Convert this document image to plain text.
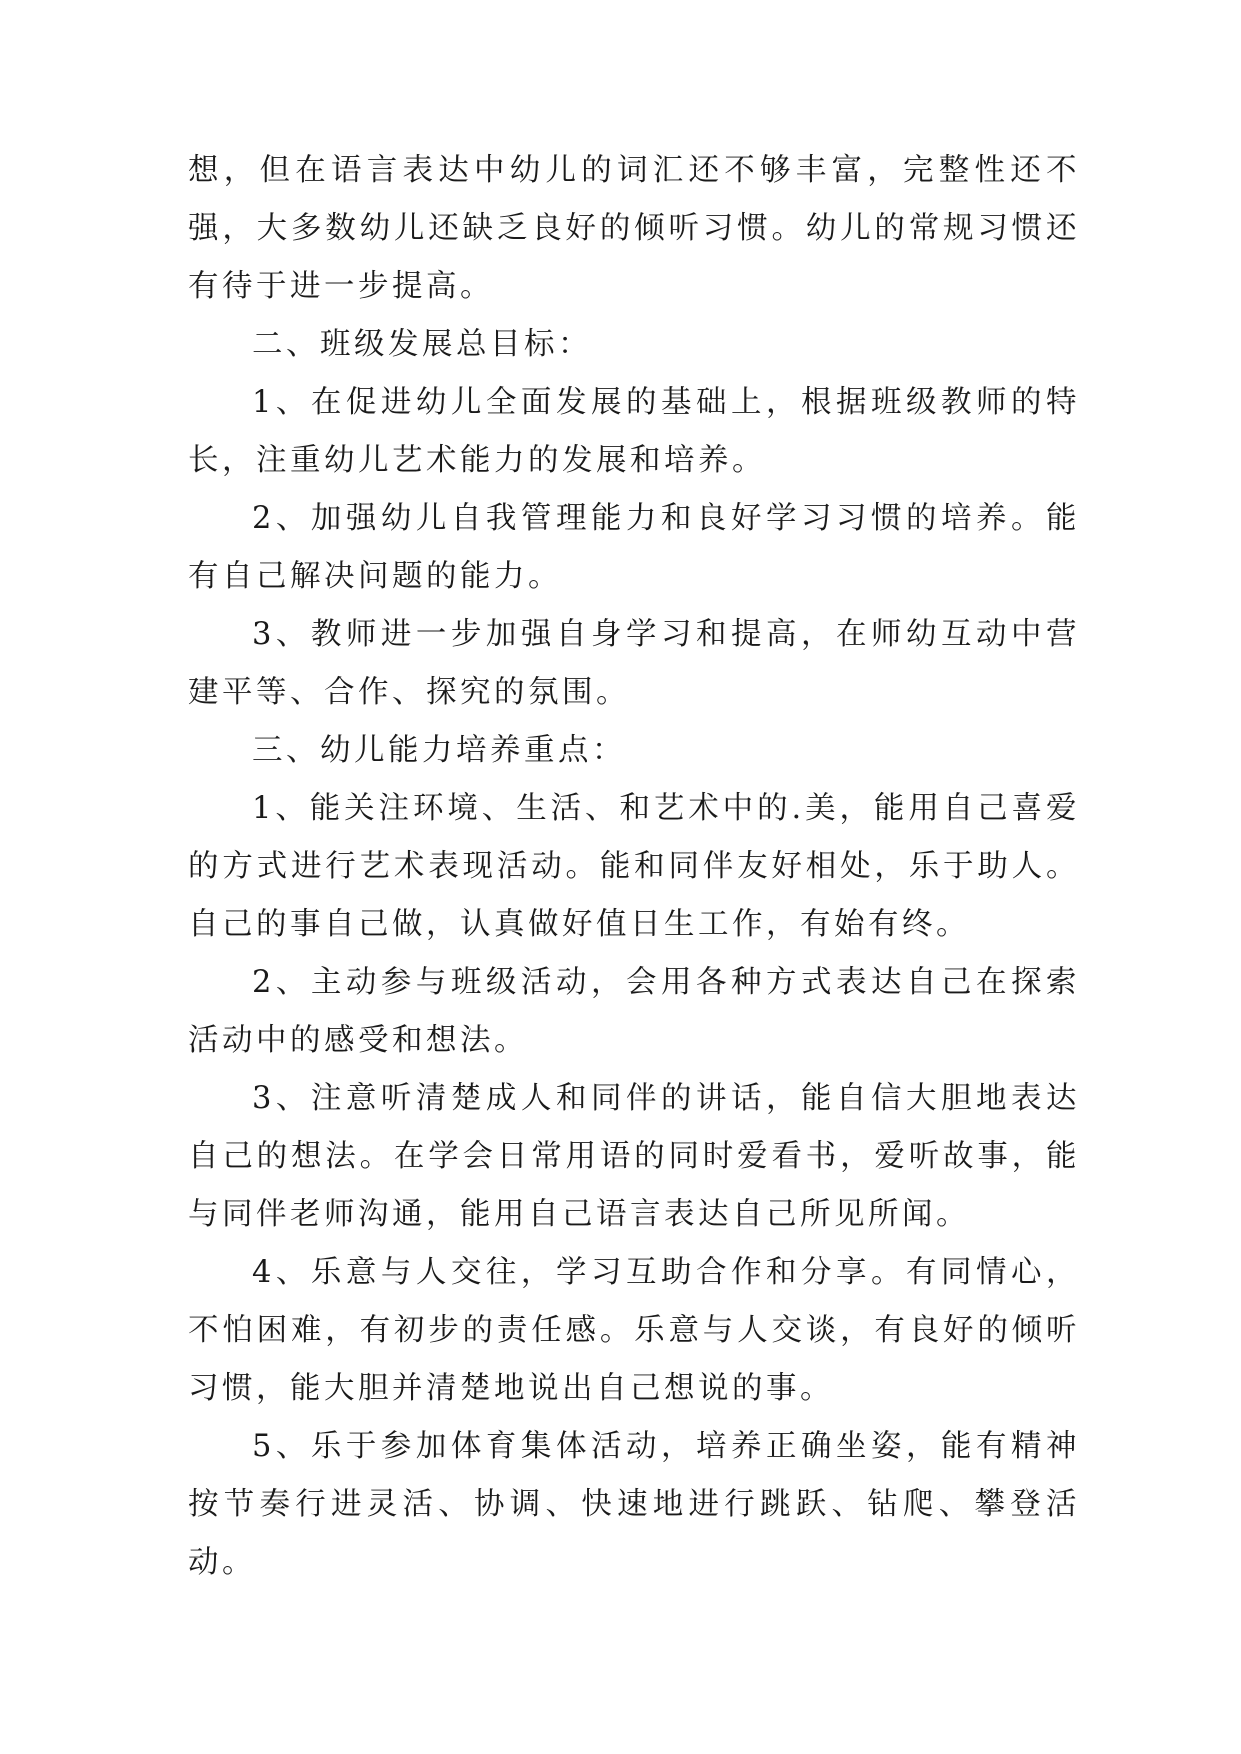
想，但在语言表达中幼儿的词汇还不够丰富，完整性还不强，大多数幼儿还缺乏良好的倾听习惯。幼儿的常规习惯还有待于进一步提高。

二、班级发展总目标：

1、在促进幼儿全面发展的基础上，根据班级教师的特长，注重幼儿艺术能力的发展和培养。

2、加强幼儿自我管理能力和良好学习习惯的培养。能有自己解决问题的能力。

3、教师进一步加强自身学习和提高，在师幼互动中营建平等、合作、探究的氛围。

三、幼儿能力培养重点：

1、能关注环境、生活、和艺术中的.美，能用自己喜爱的方式进行艺术表现活动。能和同伴友好相处，乐于助人。自己的事自己做，认真做好值日生工作，有始有终。

2、主动参与班级活动，会用各种方式表达自己在探索活动中的感受和想法。

3、注意听清楚成人和同伴的讲话，能自信大胆地表达自己的想法。在学会日常用语的同时爱看书，爱听故事，能与同伴老师沟通，能用自己语言表达自己所见所闻。

4、乐意与人交往，学习互助合作和分享。有同情心，不怕困难，有初步的责任感。乐意与人交谈，有良好的倾听习惯，能大胆并清楚地说出自己想说的事。

5、乐于参加体育集体活动，培养正确坐姿，能有精神按节奏行进灵活、协调、快速地进行跳跃、钻爬、攀登活动。
